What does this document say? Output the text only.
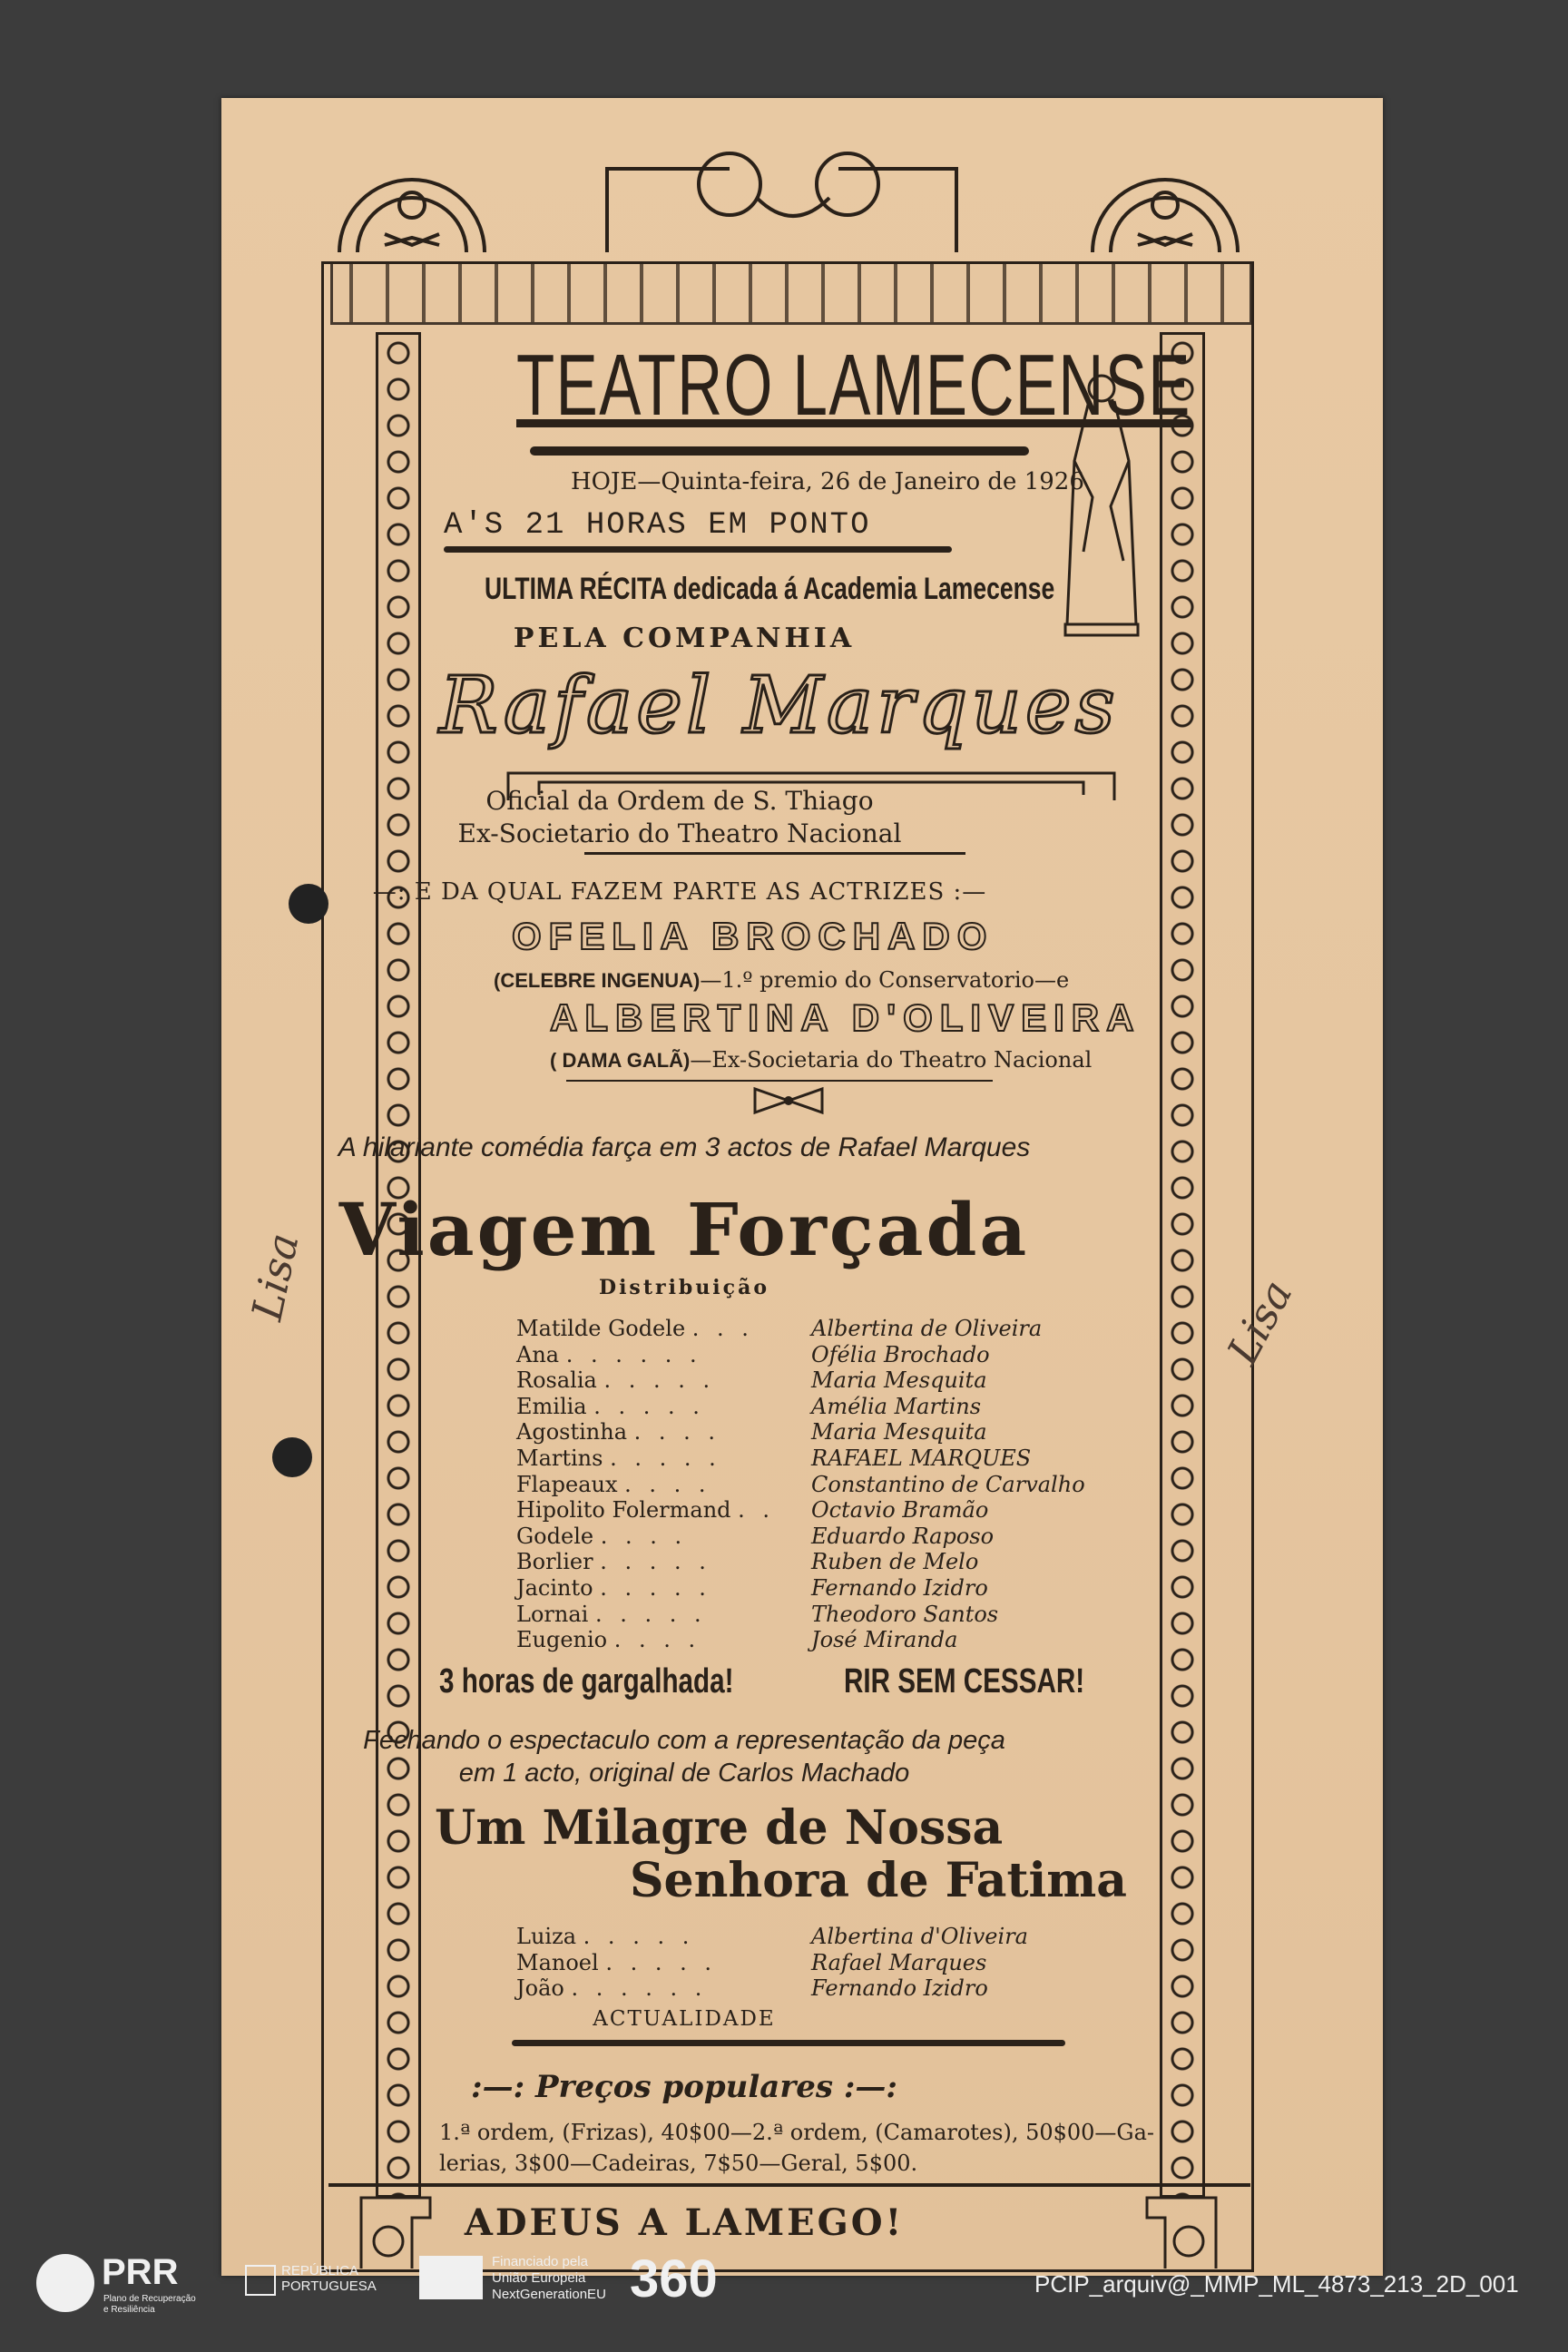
TEATRO LAMECENSE
HOJE—Quinta-feira, 26 de Janeiro de 1926
A'S 21 HORAS EM PONTO
ULTIMA RÉCITA dedicada á Academia Lamecense
PELA COMPANHIA
Rafael Marques
Oficial da Ordem de S. Thiago
Ex-Societario do Theatro Nacional
—: E DA QUAL FAZEM PARTE AS ACTRIZES :—
OFELIA BROCHADO
(CELEBRE INGENUA)—1.º premio do Conservatorio—e
ALBERTINA D'OLIVEIRA
( DAMA GALÃ)—Ex-Societaria do Theatro Nacional
A hilariante comédia farça em 3 actos de Rafael Marques
Viagem Forçada
Distribuição
Matilde Godele . . .	Albertina de Oliveira
Ana . . . . . .	Ofélia Brochado
Rosalia . . . . .	Maria Mesquita
Emilia . . . . .	Amélia Martins
Agostinha . . . .	Maria Mesquita
Martins . . . . .	RAFAEL MARQUES
Flapeaux . . . .	Constantino de Carvalho
Hipolito Folermand . . Octavio Bramão
Godele . . . .	Eduardo Raposo
Borlier . . . . .	Ruben de Melo
Jacinto . . . . .	Fernando Izidro
Lornai . . . . .	Theodoro Santos
Eugenio . . . .	José Miranda
3 horas de gargalhada!	RIR SEM CESSAR!
Fechando o espectaculo com a representação da peça
em 1 acto, original de Carlos Machado
Um Milagre de Nossa
Senhora de Fatima
Luiza . . . . .	Albertina d'Oliveira
Manoel . . . . .	Rafael Marques
João . . . . . .	Fernando Izidro
ACTUALIDADE
:—: Preços populares :—:
1.ª ordem, (Frizas), 40$00—2.ª ordem, (Camarotes), 50$00—Ga-
lerias, 3$00—Cadeiras, 7$50—Geral, 5$00.
ADEUS A LAMEGO!
Lisa	Lisa
PRR
Plano de Recuperação
e Resiliência
REPÚBLICA
PORTUGUESA
Financiado pela
União Europeia
NextGenerationEU 360	PCIP_arquiv@_MMP_ML_4873_213_2D_001
